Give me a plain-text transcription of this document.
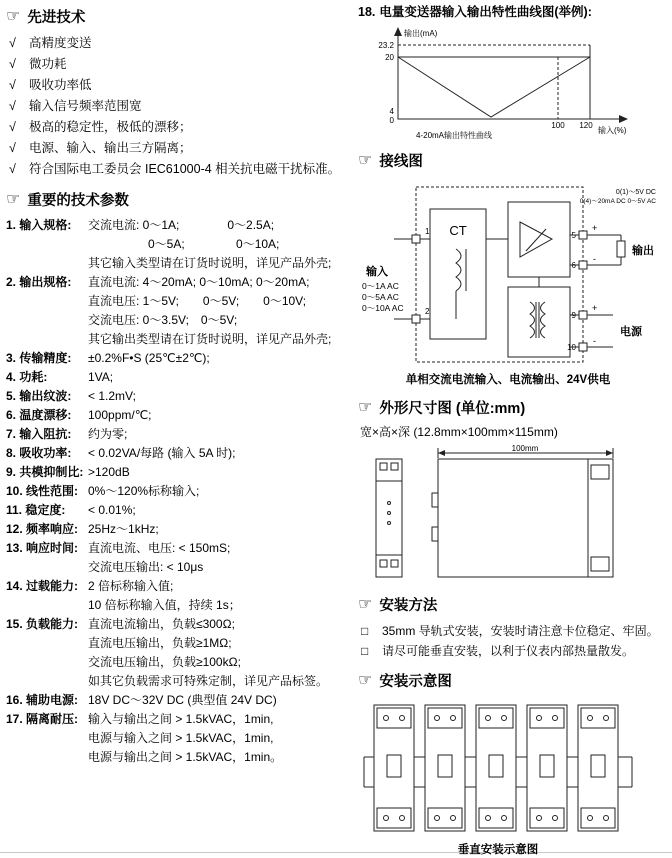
☞ 先进技术
√	高精度变送
√	微功耗
√	吸收功率低
√	输入信号频率范围宽
√	极高的稳定性，极低的漂移；
√	电源、输入、输出三方隔离；
√	符合国际电工委员会 IEC61000-4 相关抗电磁干扰标准。
☞ 重要的技术参数
1. 输入规格:	交流电流: 0～1A;　　　　0～2.5A;
　　　　　0～5A;　　　　 0～10A;
其它输入类型请在订货时说明，详见产品外壳;
2. 输出规格:	直流电流: 4～20mA; 0～10mA; 0～20mA;
直流电压: 1～5V;　　0～5V;　　0～10V;
交流电压: 0～3.5V;　0～5V;
其它输出类型请在订货时说明，详见产品外壳;
3. 传输精度:	±0.2%F•S (25℃±2℃);
4. 功耗:	1VA;
5. 输出纹波:	< 1.2mV;
6. 温度漂移:	100ppm/℃;
7. 输入阻抗:	约为零;
8. 吸收功率:	< 0.02VA/每路 (输入 5A 时);
9. 共模抑制比: >120dB
10. 线性范围: 0%～120%标称输入;
11. 稳定度:	< 0.01%;
12. 频率响应: 25Hz～1kHz;
13. 响应时间: 直流电流、电压: < 150mS;
交流电压输出: < 10μs
14. 过载能力: 2 倍标称输入值;
10 倍标称输入值，持续 1s；
15. 负载能力: 直流电流输出，负载≤300Ω;
直流电压输出，负载≥1MΩ;
交流电压输出，负载≥100kΩ;
如其它负载需求可特殊定制，详见产品标签。
16. 辅助电源: 18V DC～32V DC (典型值 24V DC)
17. 隔离耐压: 输入与输出之间 > 1.5kVAC，1min,
电源与输入之间 > 1.5kVAC，1min,
电源与输出之间 > 1.5kVAC，1min。
18. 电量变送器输入输出特性曲线图(举例):
输出(mA)
输入(%)
23.2
20
4
0
100 120
4-20mA输出特性曲线
☞ 接线图
CT
1
2
输入
0～1A AC
0～5A AC
0～10A AC
5
6
9
10
+
-
输出
0(1)～5V DC
0(4)～20mA DC 0～5V AC
+
-
电源
单相交流电流输入、电流输出、24V供电
☞ 外形尺寸图 (单位:mm)
宽×高×深 (12.8mm×100mm×115mm)
100mm
☞ 安装方法
□	35mm 导轨式安装，安装时请注意卡位稳定、牢固。
□	请尽可能垂直安装，以利于仪表内部热量散发。
☞ 安装示意图
垂直安装示意图
